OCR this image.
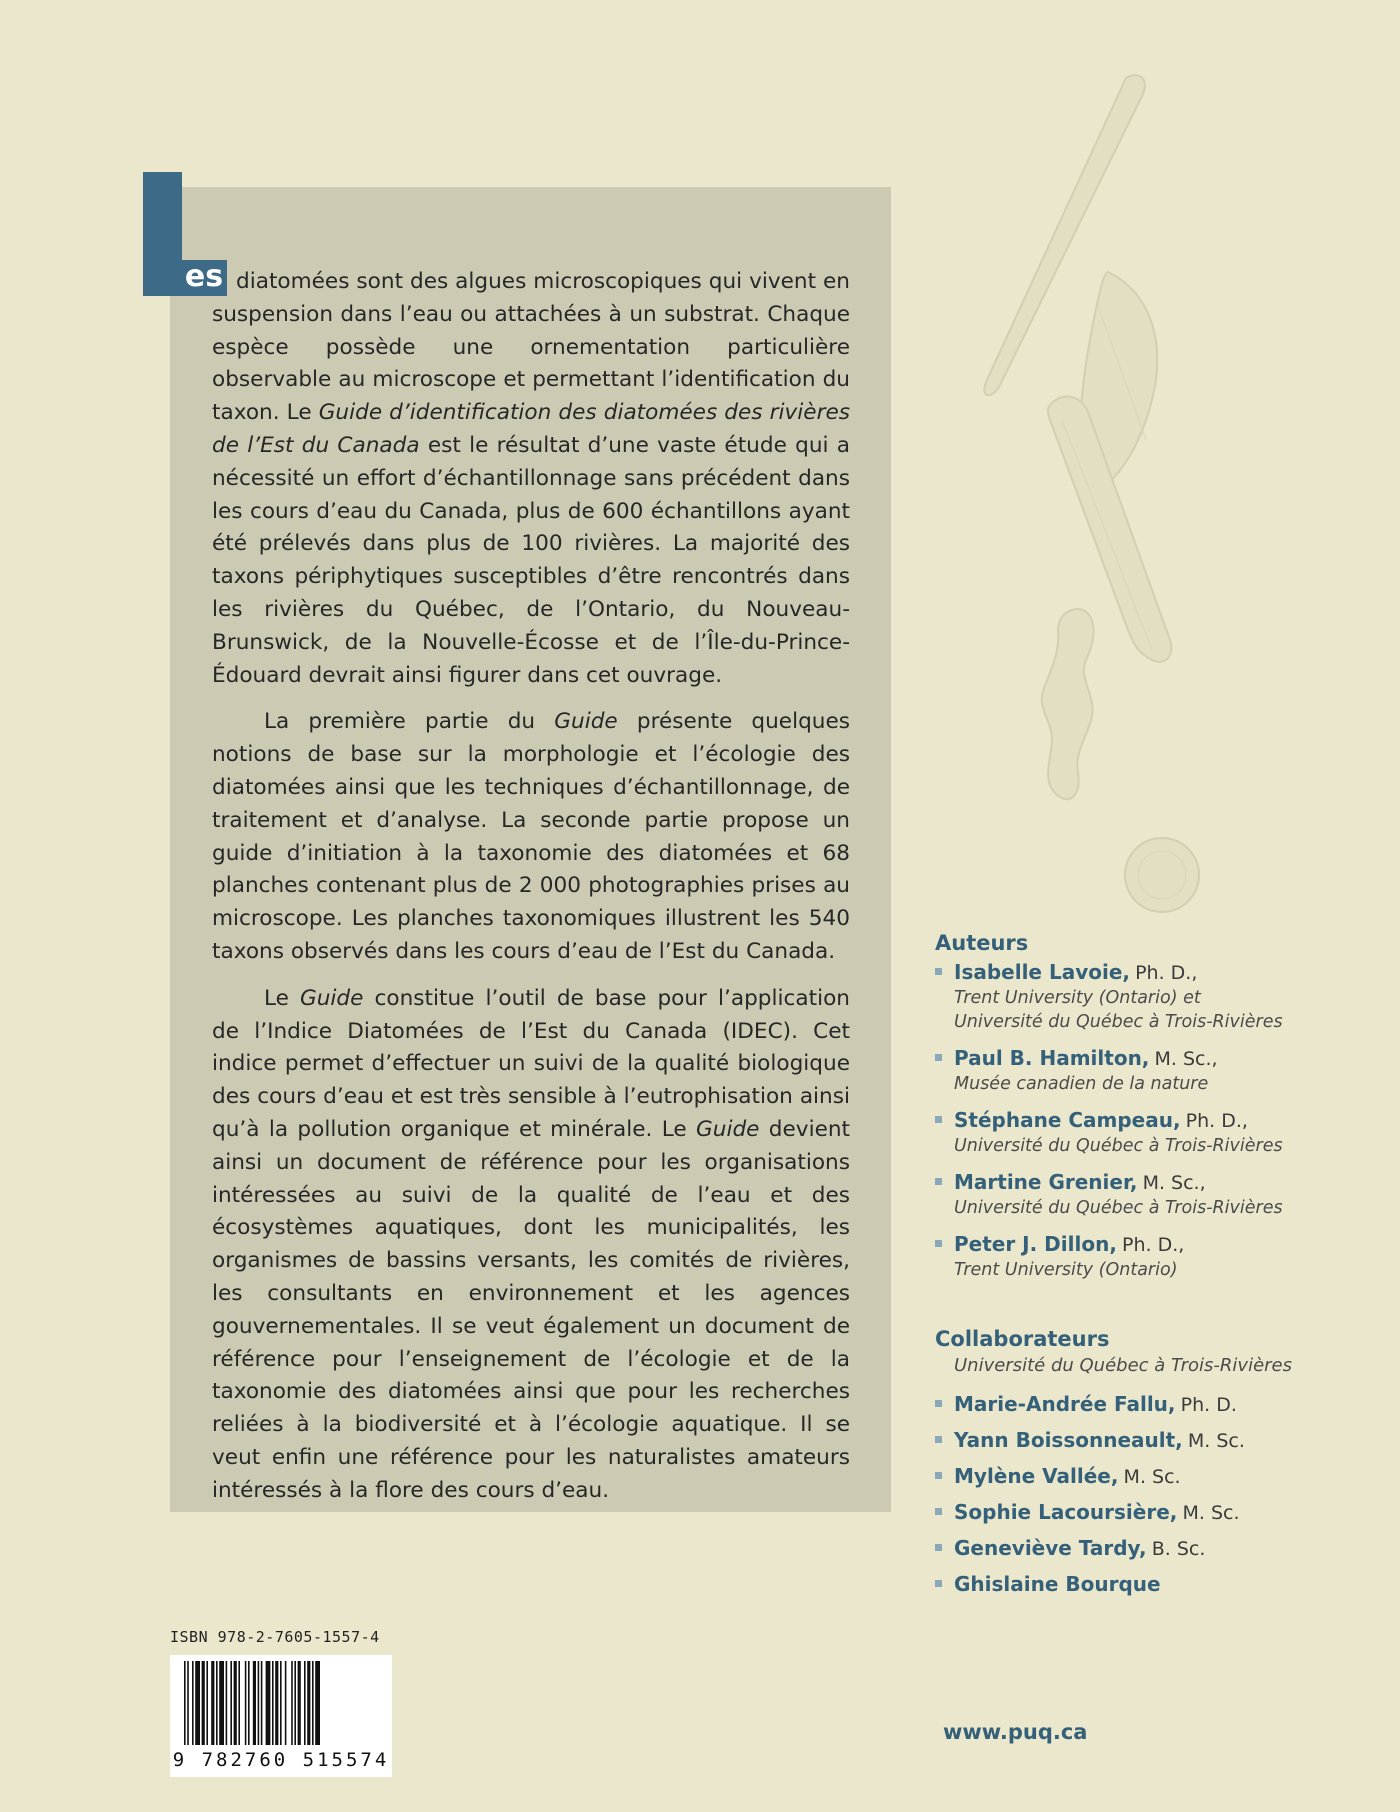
es diatomées sont des algues microscopiques qui vivent en suspension dans l’eau ou attachées à un substrat. Chaque espèce possède une ornementation particulière observable au microscope et permettant l’identification du taxon. Le Guide d’identification des diatomées des rivières de l’Est du Canada est le résultat d’une vaste étude qui a nécessité un effort d’échantillonnage sans précédent dans les cours d’eau du Canada, plus de 600 échantillons ayant été prélevés dans plus de 100 rivières. La majorité des taxons périphytiques susceptibles d’être rencontrés dans les rivières du Québec, de l’Ontario, du Nouveau-Brunswick, de la Nouvelle-Écosse et de l’Île-du-Prince-Édouard devrait ainsi figurer dans cet ouvrage.

La première partie du Guide présente quelques notions de base sur la morphologie et l’écologie des diatomées ainsi que les techniques d’échantillonnage, de traitement et d’analyse. La seconde partie propose un guide d’initiation à la taxonomie des diatomées et 68 planches contenant plus de 2 000 photographies prises au microscope. Les planches taxonomiques illustrent les 540 taxons observés dans les cours d’eau de l’Est du Canada.

Le Guide constitue l’outil de base pour l’application de l’Indice Diatomées de l’Est du Canada (IDEC). Cet indice permet d’effectuer un suivi de la qualité biologique des cours d’eau et est très sensible à l’eutrophisation ainsi qu’à la pollution organique et minérale. Le Guide devient ainsi un document de référence pour les organisations intéressées au suivi de la qualité de l’eau et des écosystèmes aquatiques, dont les municipalités, les organismes de bassins versants, les comités de rivières, les consultants en environnement et les agences gouvernementales. Il se veut également un document de référence pour l’enseignement de l’écologie et de la taxonomie des diatomées ainsi que pour les recherches reliées à la biodiversité et à l’écologie aquatique. Il se veut enfin une référence pour les naturalistes amateurs intéressés à la flore des cours d’eau.

Auteurs
Isabelle Lavoie, Ph. D.,
Trent University (Ontario) et
Université du Québec à Trois-Rivières
Paul B. Hamilton, M. Sc.,
Musée canadien de la nature
Stéphane Campeau, Ph. D.,
Université du Québec à Trois-Rivières
Martine Grenier, M. Sc.,
Université du Québec à Trois-Rivières
Peter J. Dillon, Ph. D.,
Trent University (Ontario)
Collaborateurs
Université du Québec à Trois-Rivières
Marie-Andrée Fallu, Ph. D.
Yann Boissonneault, M. Sc.
Mylène Vallée, M. Sc.
Sophie Lacoursière, M. Sc.
Geneviève Tardy, B. Sc.
Ghislaine Bourque
ISBN 978-2-7605-1557-4
9 782760 515574
www.puq.ca
